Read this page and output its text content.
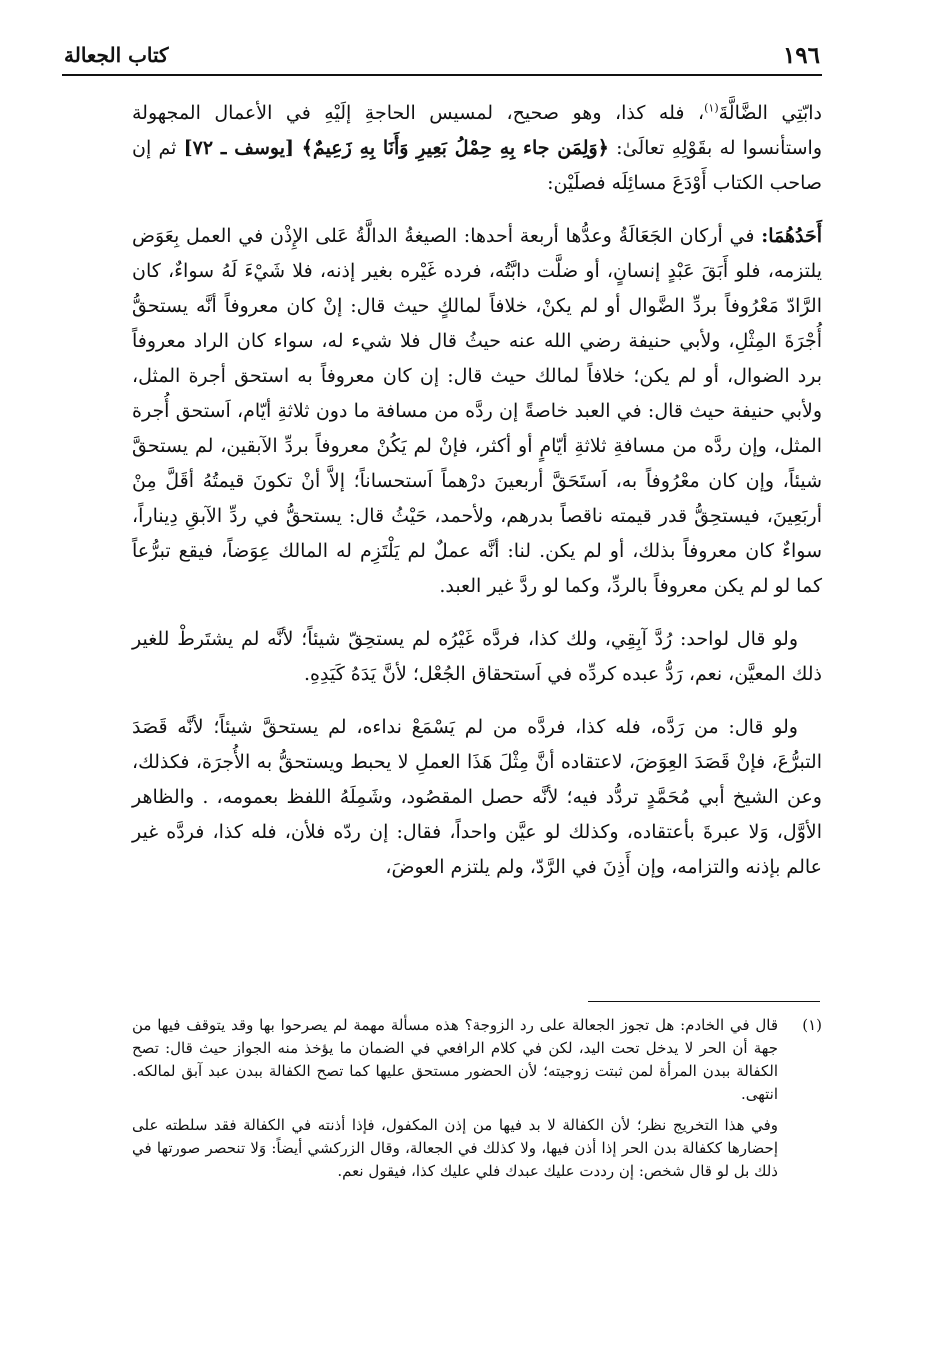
١٩٦
كتاب الجعالة

دابّتِي الضَّالَّةَ$^{(١)}$، فله كذا، وهو صحيح، لمسيس الحاجةِ إلَيْهِ في الأعمال المجهولة واستأنسوا له بقَوْلِهِ تعالَىٰ: ﴿وَلِمَن جاء بِهِ حِمْلُ بَعِيرِ وَأَنَا بِهِ زَعِيمٌ﴾ [يوسف ـ ٧٢] ثم إن صاحب الكتاب أَوْدَعَ مسائِلَه فصلَيْن:

أَحَدُهُمَا: في أركان الجَعَالَةُ وعدُّها أربعة أحدها: الصيغةُ الدالَّةُ عَلى الإِذْن في العمل بِعَوَض يلتزمه، فلو أَبَقَ عَبْدٍ إنسانٍ، أو ضلَّت دابَّتُه، فرده غَيْره بغير إذنه، فلا شَيْءَ لَهُ سواءٌ، كان الرَّادّ مَعْرُوفاً بردِّ الضَّوال أو لم يكنْ، خلافاً لمالكٍ حيث قال: إنْ كان معروفاً أنَّه يستحقُّ أُجْرَةَ المِثْلِ، ولأبي حنيفة رضي الله عنه حيثُ قال فلا شيء له، سواء كان الراد معروفاً برد الضوال، أو لم يكن؛ خلافاً لمالك حيث قال: إن كان معروفاً به استحق أجرة المثل، ولأبي حنيفة حيث قال: في العبد خاصةً إن ردَّه من مسافة ما دون ثلاثةِ أيّام، اَستحق أُجرة المثل، وإن ردَّه من مسافةِ ثلاثةِ أيّامٍ أو أكثر، فإنْ لم يَكُنْ معروفاً بردِّ الآبقين، لم يستحقَّ شيئاً، وإن كان معْرُوفاً به، اَستَحَقَّ أربعينَ درْهماً اَستحساناً؛ إلاَّ أنْ تكونَ قيمتُهُ أقَلَّ مِنْ أربَعِينَ، فيستحِقُّ قدر قيمته ناقصاً بدرهم، ولأحمد، حَيْثُ قال: يستحقُّ في ردِّ الآبقِ دِيناراً، سواءٌ كان معروفاً بذلك، أو لم يكن. لنا: أنَّه عملٌ لم يَلْتَزِم له المالك عِوَضاً، فيقع تبرُّعاً كما لو لم يكن معروفاً بالردِّ، وكما لو ردَّ غير العبد.

ولو قال لواحد: رُدَّ آبِقِي، ولك كذا، فردَّه غَيْرُه لم يستحِقّ شيئاً؛ لأنَّه لم يشتَرطْ للغير ذلك المعيَّن، نعم، رَدُّ عبده كردِّه في اَستحقاق الجُعْل؛ لأنَّ يَدَهُ كَيَدِهِ.

ولو قال: من رَدَّه، فله كذا، فردَّه من لم يَسْمَعْ نداءه، لم يستحقَّ شيئاً؛ لأنَّه قَصَدَ التبرُّعَ، فإنْ قَصَدَ العِوَضَ، لاعتقاده أنَّ مِثْلَ هَذَا العملِ لا يحبط ويستحقُّ به الأُجرَة، فكذلك، وعن الشيخ أبي مُحَمَّدٍ تردُّد فيه؛ لأنَّه حصل المقصُود، وشَمِلَهُ اللفظ بعمومه، . والظاهر الأوَّل، وَلا عبرةَ بأعتقاده، وكذلك لو عيَّن واحداً، فقال: إن ردّه فلأن، فله كذا، فردَّه غير عالم بإذنه والتزامه، وإن أَذِنَ في الرَّدّ، ولم يلتزم العوضَ،

(١)

قال في الخادم: هل تجوز الجعالة على رد الزوجة؟ هذه مسألة مهمة لم يصرحوا بها وقد يتوقف فيها من جهة أن الحر لا يدخل تحت اليد، لكن في كلام الرافعي في الضمان ما يؤخذ منه الجواز حيث قال: تصح الكفالة ببدن المرأة لمن ثبتت زوجيته؛ لأن الحضور مستحق عليها كما تصح الكفالة ببدن عبد آبق لمالكه. انتهى.

وفي هذا التخريج نظر؛ لأن الكفالة لا بد فيها من إذن المكفول، فإذا أذنته في الكفالة فقد سلطته على إحضارها ككفالة بدن الحر إذا أذن فيها، ولا كذلك في الجعالة، وقال الزركشي أيضاً: وَلا تنحصر صورتها في ذلك بل لو قال شخص: إن رددت عليك عبدك فلي عليك كذا، فيقول نعم.
